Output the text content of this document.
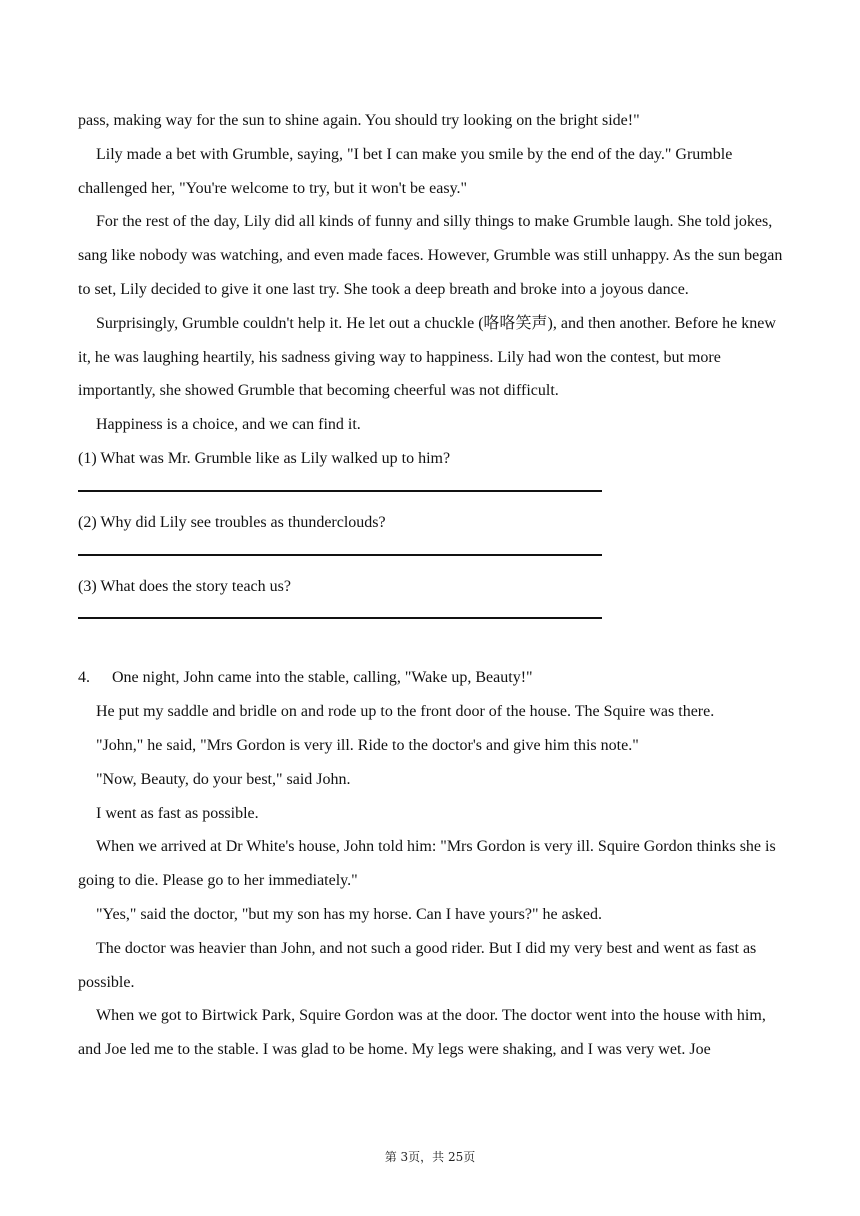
pass, making way for the sun to shine again. You should try looking on the bright side!"

Lily made a bet with Grumble, saying, "I bet I can make you smile by the end of the day." Grumble challenged her, "You're welcome to try, but it won't be easy."

For the rest of the day, Lily did all kinds of funny and silly things to make Grumble laugh. She told jokes, sang like nobody was watching, and even made faces. However, Grumble was still unhappy. As the sun began to set, Lily decided to give it one last try. She took a deep breath and broke into a joyous dance.

Surprisingly, Grumble couldn't help it. He let out a chuckle (咯咯笑声), and then another. Before he knew it, he was laughing heartily, his sadness giving way to happiness. Lily had won the contest, but more importantly, she showed Grumble that becoming cheerful was not difficult.

Happiness is a choice, and we can find it.

(1) What was Mr. Grumble like as Lily walked up to him?

(2) Why did Lily see troubles as thunderclouds?

(3) What does the story teach us?

4. One night, John came into the stable, calling, "Wake up, Beauty!"

He put my saddle and bridle on and rode up to the front door of the house. The Squire was there.

"John," he said, "Mrs Gordon is very ill. Ride to the doctor's and give him this note."

"Now, Beauty, do your best," said John.

I went as fast as possible.

When we arrived at Dr White's house, John told him: "Mrs Gordon is very ill. Squire Gordon thinks she is going to die. Please go to her immediately."

"Yes," said the doctor, "but my son has my horse. Can I have yours?" he asked.

The doctor was heavier than John, and not such a good rider. But I did my very best and went as fast as possible.

When we got to Birtwick Park, Squire Gordon was at the door. The doctor went into the house with him, and Joe led me to the stable. I was glad to be home. My legs were shaking, and I was very wet. Joe

第 3页，共 25页
